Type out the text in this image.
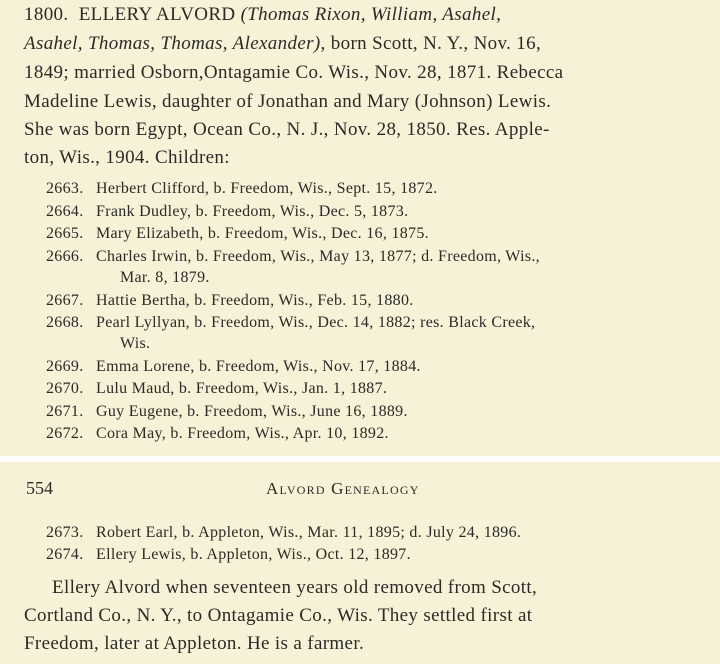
1800. ELLERY ALVORD (Thomas Rixon, William, Asahel,
Asahel, Thomas, Thomas, Alexander), born Scott, N. Y., Nov. 16,
1849; married Osborn,Ontagamie Co. Wis., Nov. 28, 1871. Rebecca
Madeline Lewis, daughter of Jonathan and Mary (Johnson) Lewis.
She was born Egypt, Ocean Co., N. J., Nov. 28, 1850. Res. Apple-
ton, Wis., 1904. Children:
2663. Herbert Clifford, b. Freedom, Wis., Sept. 15, 1872.
2664. Frank Dudley, b. Freedom, Wis., Dec. 5, 1873.
2665. Mary Elizabeth, b. Freedom, Wis., Dec. 16, 1875.
2666. Charles Irwin, b. Freedom, Wis., May 13, 1877; d. Freedom, Wis.,
Mar. 8, 1879.
2667. Hattie Bertha, b. Freedom, Wis., Feb. 15, 1880.
2668. Pearl Lyllyan, b. Freedom, Wis., Dec. 14, 1882; res. Black Creek,
Wis.
2669. Emma Lorene, b. Freedom, Wis., Nov. 17, 1884.
2670. Lulu Maud, b. Freedom, Wis., Jan. 1, 1887.
2671. Guy Eugene, b. Freedom, Wis., June 16, 1889.
2672. Cora May, b. Freedom, Wis., Apr. 10, 1892.
554	Alvord Genealogy
2673. Robert Earl, b. Appleton, Wis., Mar. 11, 1895; d. July 24, 1896.
2674. Ellery Lewis, b. Appleton, Wis., Oct. 12, 1897.
Ellery Alvord when seventeen years old removed from Scott,
Cortland Co., N. Y., to Ontagamie Co., Wis. They settled first at
Freedom, later at Appleton. He is a farmer.
